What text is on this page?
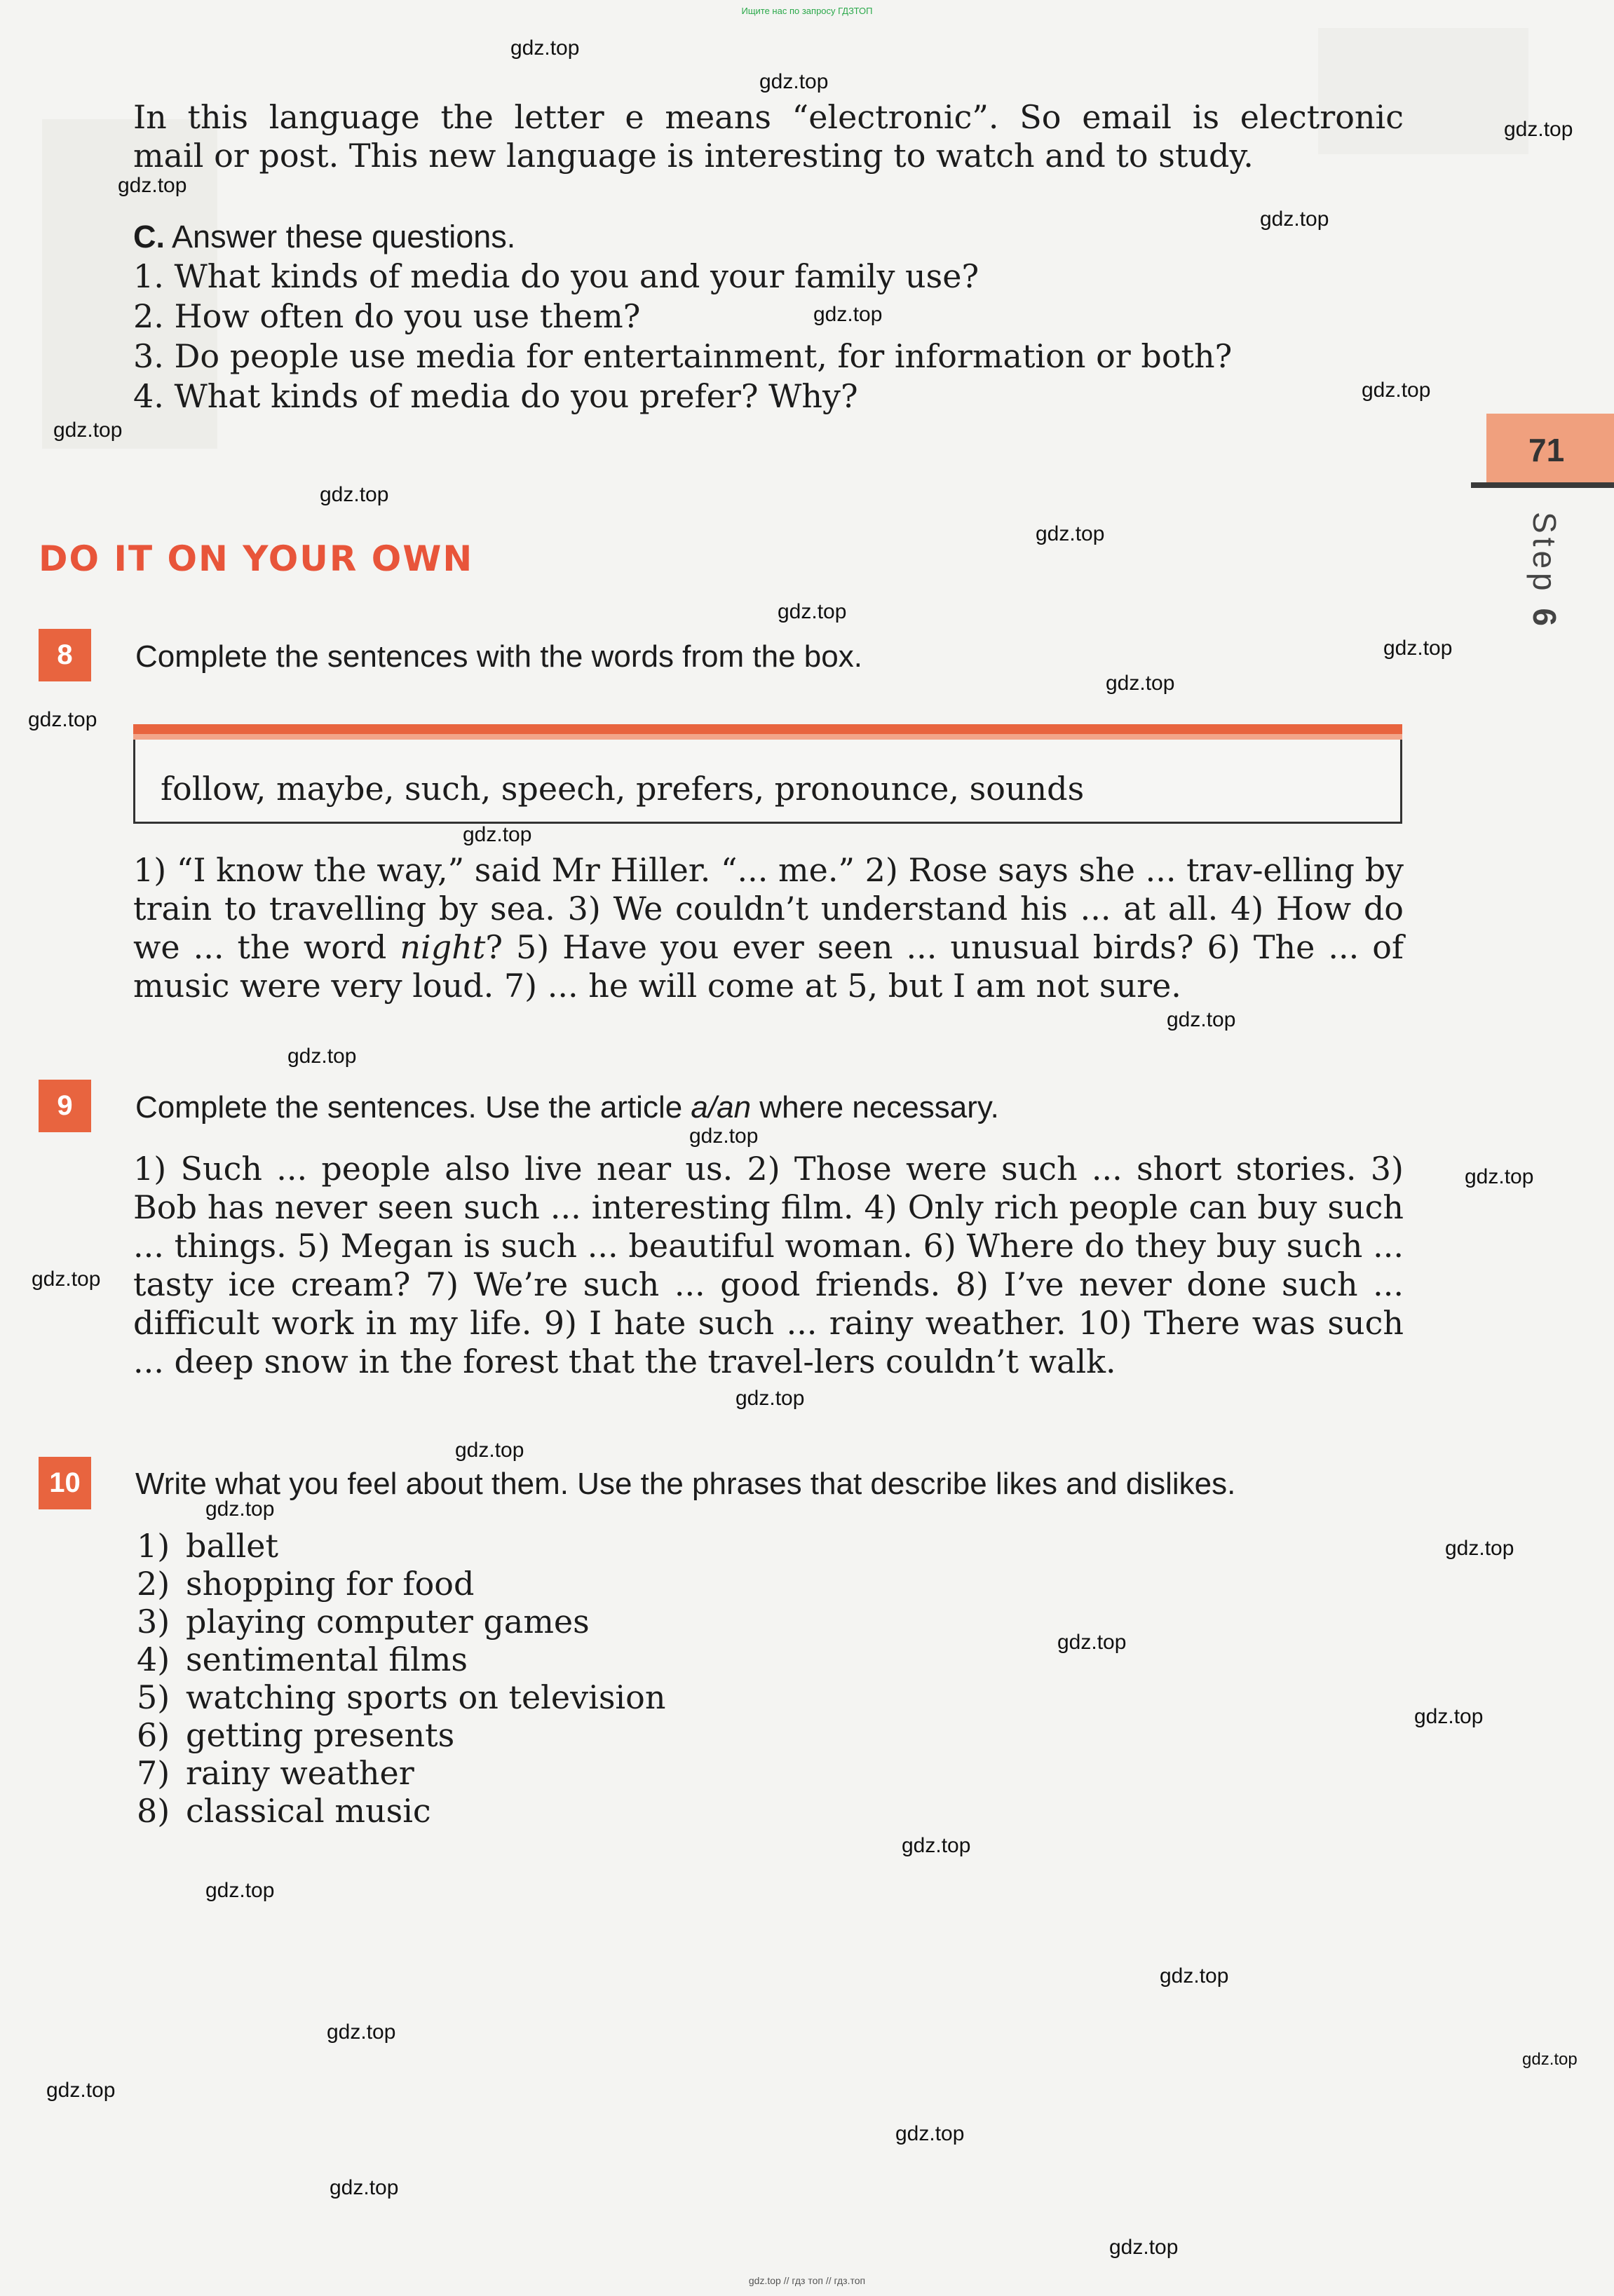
Ищите нас по запросу ГДЗТОП

In this language the letter e means “electronic”. So email is electronic

mail or post. This new language is interesting to watch and to study.

C. Answer these questions.
1. What kinds of media do you and your family use?
2. How often do you use them?
3. Do people use media for entertainment, for information or both?
4. What kinds of media do you prefer? Why?
DO IT ON YOUR OWN
8	Complete the sentences with the words from the box.
follow, maybe, such, speech, prefers, pronounce, sounds

1) “I know the way,” said Mr Hiller. “... me.” 2) Rose says she ... trav-elling by train to travelling by sea. 3) We couldn’t understand his ... at all. 4) How do we ... the word night? 5) Have you ever seen ... unusual birds? 6) The ... of music were very loud. 7) ... he will come at 5, but I am not sure.

9	Complete the sentences. Use the article a/an where necessary.

1) Such ... people also live near us. 2) Those were such ... short stories. 3) Bob has never seen such ... interesting film. 4) Only rich people can buy such ... things. 5) Megan is such ... beautiful woman. 6) Where do they buy such ... tasty ice cream? 7) We’re such ... good friends. 8) I’ve never done such ... difficult work in my life. 9) I hate such ... rainy weather. 10) There was such ... deep snow in the forest that the travel-lers couldn’t walk.

10	Write what you feel about them. Use the phrases that describe likes and dislikes.
1) ballet
2) shopping for food
3) playing computer games
4) sentimental films
5) watching sports on television
6) getting presents
7) rainy weather
8) classical music
71
Step 6
gdz.top
gdz.top
gdz.top
gdz.top
gdz.top
gdz.top
gdz.top
gdz.top
gdz.top
gdz.top
gdz.top
gdz.top
gdz.top
gdz.top
gdz.top
gdz.top
gdz.top
gdz.top
gdz.top
gdz.top
gdz.top
gdz.top
gdz.top
gdz.top
gdz.top
gdz.top
gdz.top
gdz.top
gdz.top
gdz.top
gdz.top
gdz.top
gdz.top
gdz.top
gdz.top
gdz.top // гдз топ // гдз.топ
